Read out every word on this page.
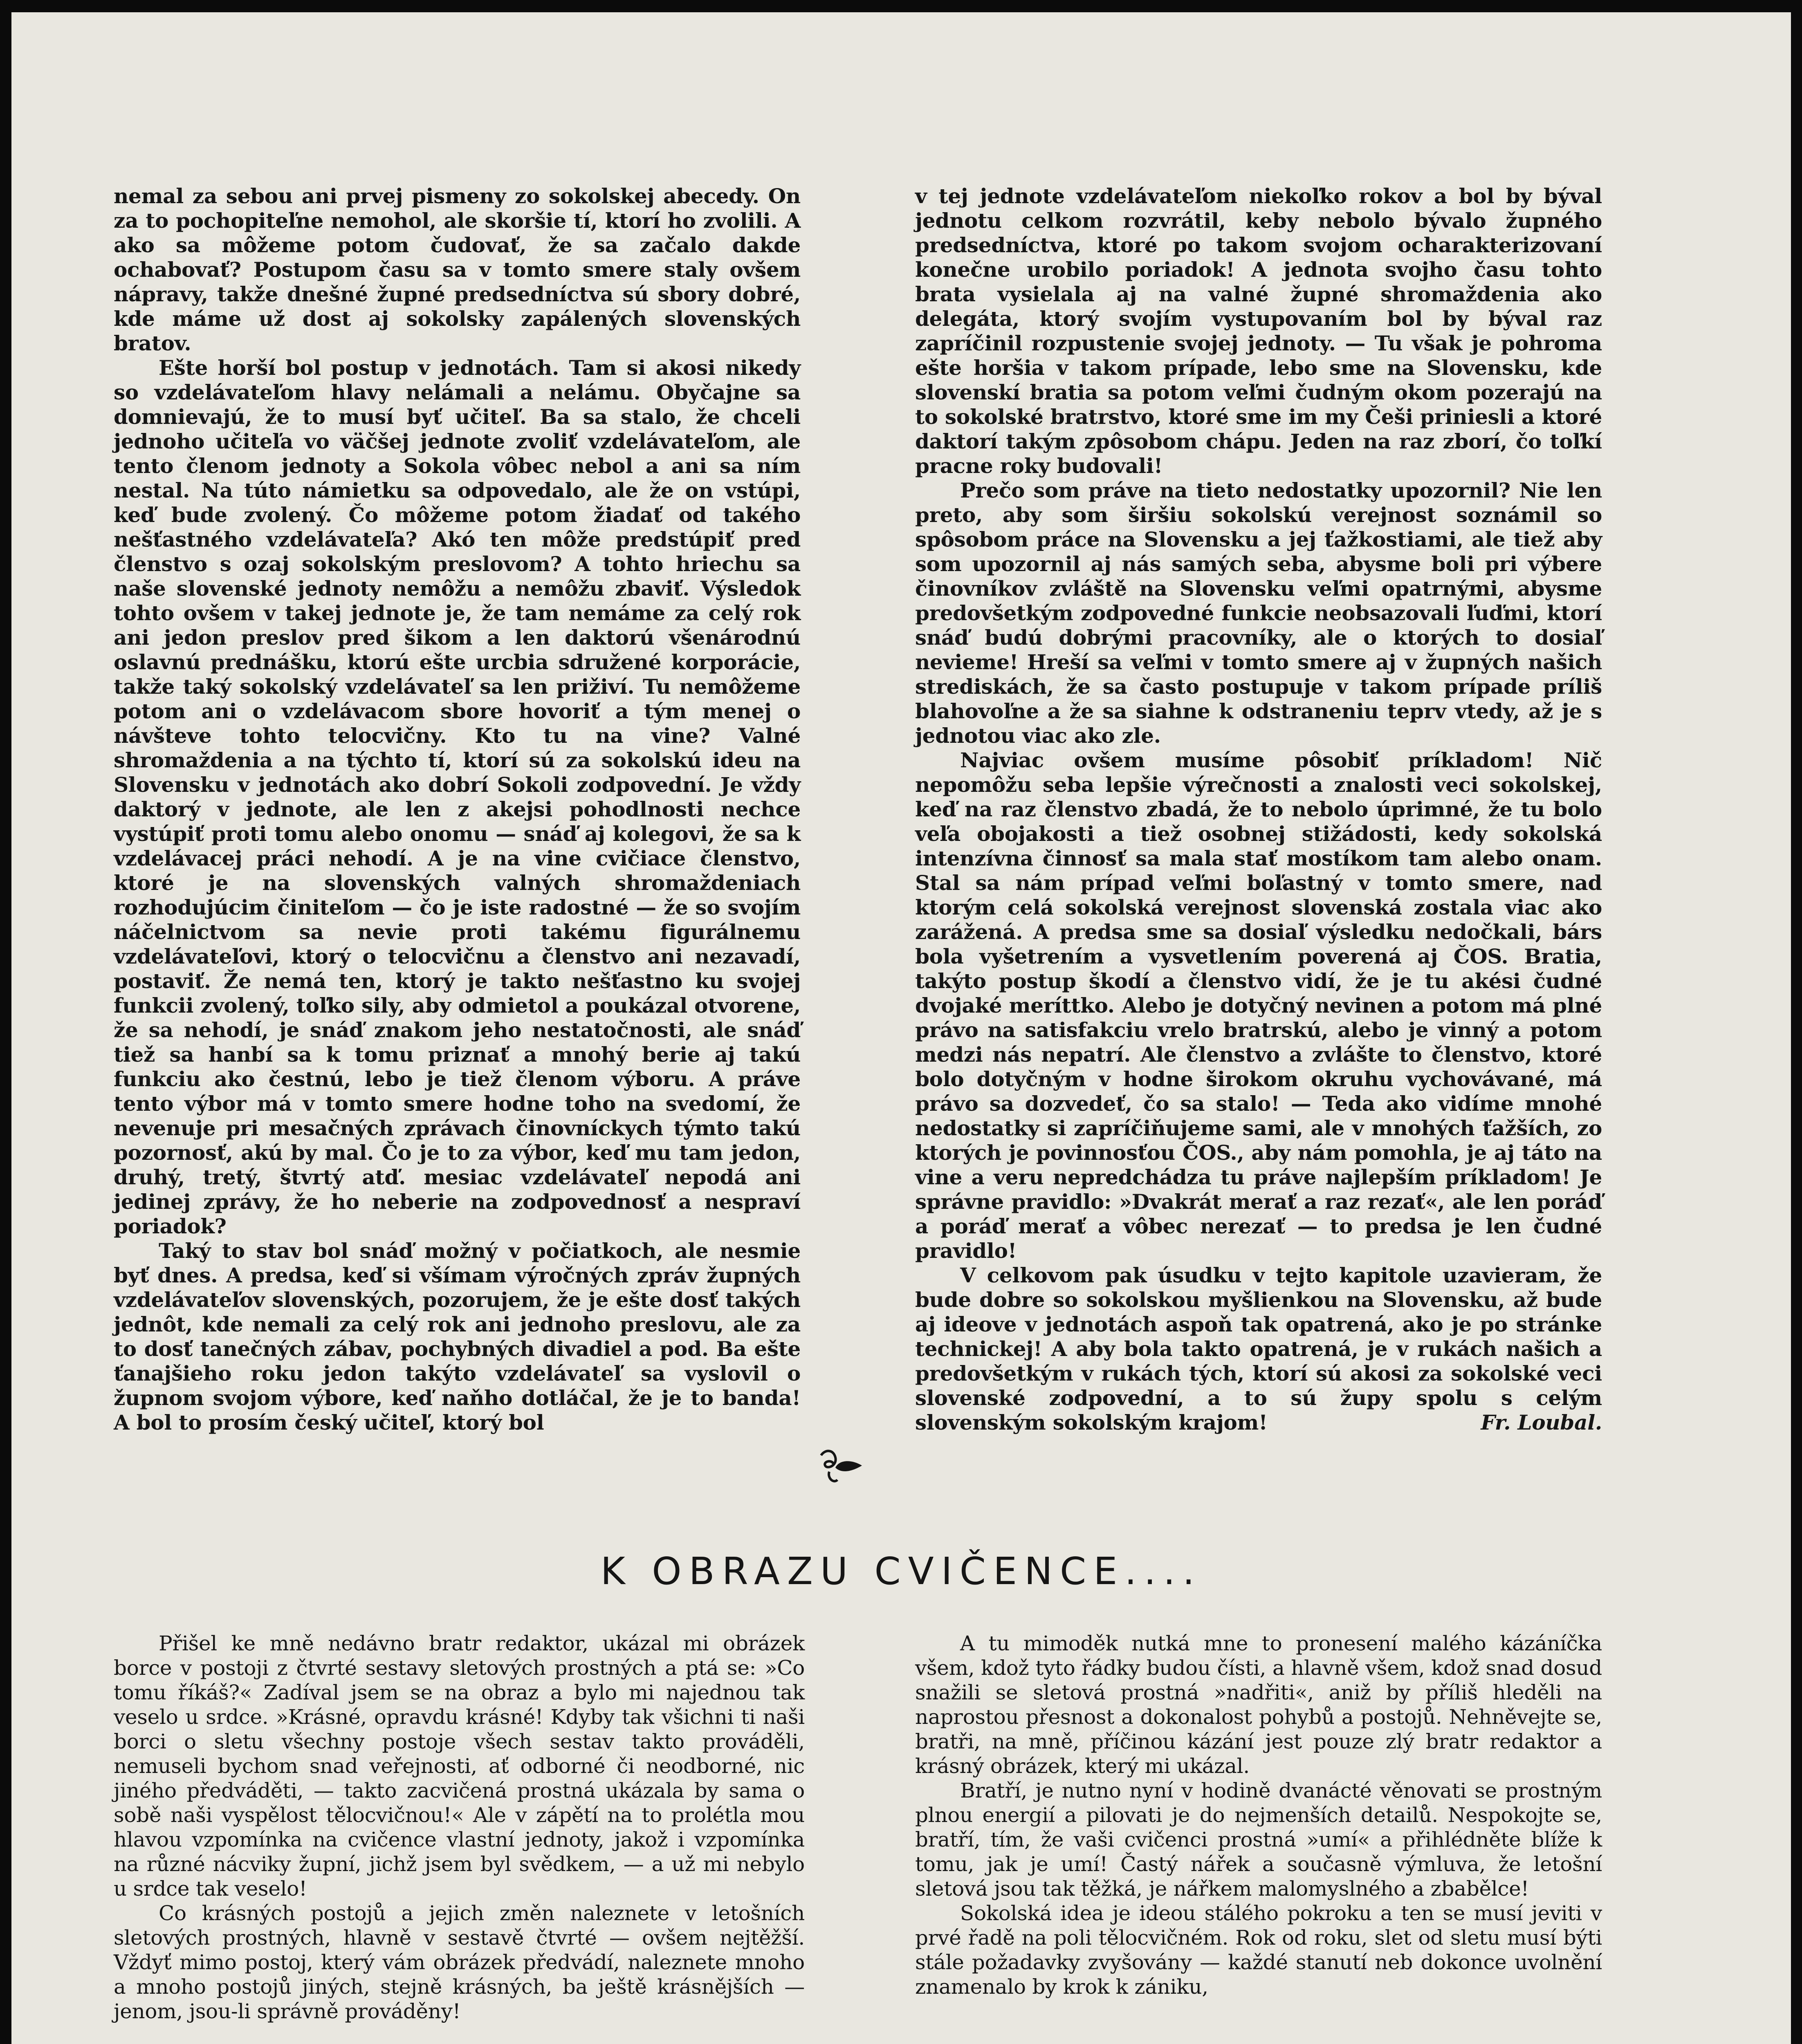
nemal za sebou ani prvej pismeny zo sokolskej abecedy. On za to pochopiteľne nemohol, ale skoršie tí, ktorí ho zvolili. A ako sa môžeme potom čudovať, že sa začalo dakde ochabovať? Postupom času sa v tomto smere staly ovšem nápravy, takže dnešné župné predsedníctva sú sbory dobré, kde máme už dost aj sokolsky zapálených slovenských bratov.

Ešte horší bol postup v jednotách. Tam si akosi nikedy so vzdelávateľom hlavy nelámali a nelámu. Obyčajne sa domnievajú, že to musí byť učiteľ. Ba sa stalo, že chceli jednoho učiteľa vo väčšej jednote zvoliť vzdelávateľom, ale tento členom jednoty a Sokola vôbec nebol a ani sa ním nestal. Na túto námietku sa odpovedalo, ale že on vstúpi, keď bude zvolený. Čo môžeme potom žiadať od takého nešťastného vzdelávateľa? Akó ten môže predstúpiť pred členstvo s ozaj sokolským preslovom? A tohto hriechu sa naše slovenské jednoty nemôžu a nemôžu zbaviť. Výsledok tohto ovšem v takej jednote je, že tam nemáme za celý rok ani jedon preslov pred šikom a len daktorú všenárodnú oslavnú prednášku, ktorú ešte urcbia sdružené korporácie, takže taký sokolský vzdelávateľ sa len priživí. Tu nemôžeme potom ani o vzdelávacom sbore hovoriť a tým menej o návšteve tohto telocvičny. Kto tu na vine? Valné shromaždenia a na týchto tí, ktorí sú za sokolskú ideu na Slovensku v jednotách ako dobrí Sokoli zodpovední. Je vždy daktorý v jednote, ale len z akejsi pohodlnosti nechce vystúpiť proti tomu alebo onomu — snáď aj kolegovi, že sa k vzdelávacej práci nehodí. A je na vine cvičiace členstvo, ktoré je na slovenských valných shromaždeniach rozhodujúcim činiteľom — čo je iste radostné — že so svojím náčelnictvom sa nevie proti takému figurálnemu vzdelávateľovi, ktorý o telocvičnu a členstvo ani nezavadí, postaviť. Že nemá ten, ktorý je takto nešťastno ku svojej funkcii zvolený, toľko sily, aby odmietol a poukázal otvorene, že sa nehodí, je snáď znakom jeho nestatočnosti, ale snáď tiež sa hanbí sa k tomu priznať a mnohý berie aj takú funkciu ako čestnú, lebo je tiež členom výboru. A práve tento výbor má v tomto smere hodne toho na svedomí, že nevenuje pri mesačných zprávach činovníckych týmto takú pozornosť, akú by mal. Čo je to za výbor, keď mu tam jedon, druhý, tretý, štvrtý atď. mesiac vzdelávateľ nepodá ani jedinej zprávy, že ho neberie na zodpovednosť a nespraví poriadok?

Taký to stav bol snáď možný v počiatkoch, ale nesmie byť dnes. A predsa, keď si všímam výročných zpráv župných vzdelávateľov slovenských, pozorujem, že je ešte dosť takých jednôt, kde nemali za celý rok ani jednoho preslovu, ale za to dosť tanečných zábav, pochybných divadiel a pod. Ba ešte ťanajšieho roku jedon takýto vzdelávateľ sa vyslovil o župnom svojom výbore, keď naňho dotláčal, že je to banda! A bol to prosím český učiteľ, ktorý bol

v tej jednote vzdelávateľom niekoľko rokov a bol by býval jednotu celkom rozvrátil, keby nebolo bývalo župného predsedníctva, ktoré po takom svojom ocharakterizovaní konečne urobilo poriadok! A jednota svojho času tohto brata vysielala aj na valné župné shromaždenia ako delegáta, ktorý svojím vystupovaním bol by býval raz zapríčinil rozpustenie svojej jednoty. — Tu však je pohroma ešte horšia v takom prípade, lebo sme na Slovensku, kde slovenskí bratia sa potom veľmi čudným okom pozerajú na to sokolské bratrstvo, ktoré sme im my Češi priniesli a ktoré daktorí takým zpôsobom chápu. Jeden na raz zborí, čo toľkí pracne roky budovali!

Prečo som práve na tieto nedostatky upozornil? Nie len preto, aby som širšiu sokolskú verejnost soznámil so spôsobom práce na Slovensku a jej ťažkostiami, ale tiež aby som upozornil aj nás samých seba, abysme boli pri výbere činovníkov zvláště na Slovensku veľmi opatrnými, abysme predovšetkým zodpovedné funkcie neobsazovali ľuďmi, ktorí snáď budú dobrými pracovníky, ale o ktorých to dosiaľ nevieme! Hreší sa veľmi v tomto smere aj v župných našich strediskách, že sa často postupuje v takom prípade príliš blahovoľne a že sa siahne k odstraneniu teprv vtedy, až je s jednotou viac ako zle.

Najviac ovšem musíme pôsobiť príkladom! Nič nepomôžu seba lepšie výrečnosti a znalosti veci sokolskej, keď na raz členstvo zbadá, že to nebolo úprimné, že tu bolo veľa obojakosti a tiež osobnej stižádosti, kedy sokolská intenzívna činnosť sa mala stať mostíkom tam alebo onam. Stal sa nám prípad veľmi boľastný v tomto smere, nad ktorým celá sokolská verejnost slovenská zostala viac ako zarážená. A predsa sme sa dosiaľ výsledku nedočkali, bárs bola vyšetrením a vysvetlením poverená aj ČOS. Bratia, takýto postup škodí a členstvo vidí, že je tu akési čudné dvojaké meríttko. Alebo je dotyčný nevinen a potom má plné právo na satisfakciu vrelo bratrskú, alebo je vinný a potom medzi nás nepatrí. Ale členstvo a zvlášte to členstvo, ktoré bolo dotyčným v hodne širokom okruhu vychovávané, má právo sa dozvedeť, čo sa stalo! — Teda ako vidíme mnohé nedostatky si zapríčiňujeme sami, ale v mnohých ťažších, zo ktorých je povinnosťou ČOS., aby nám pomohla, je aj táto na vine a veru nepredchádza tu práve najlepším príkladom! Je správne pravidlo: »Dvakrát merať a raz rezať«, ale len poráď a poráď merať a vôbec nerezať — to predsa je len čudné pravidlo!

V celkovom pak úsudku v tejto kapitole uzavieram, že bude dobre so sokolskou myšlienkou na Slovensku, až bude aj ideove v jednotách aspoň tak opatrená, ako je po stránke technickej! A aby bola takto opatrená, je v rukách našich a predovšetkým v rukách tých, ktorí sú akosi za sokolské veci slovenské zodpovední, a to sú župy spolu s celým slovenským sokolským krajom!	Fr. Loubal.

K OBRAZU CVIČENCE....

Přišel ke mně nedávno bratr redaktor, ukázal mi obrázek borce v postoji z čtvrté sestavy sletových prostných a ptá se: »Co tomu říkáš?« Zadíval jsem se na obraz a bylo mi najednou tak veselo u srdce. »Krásné, opravdu krásné! Kdyby tak všichni ti naši borci o sletu všechny postoje všech sestav takto prováděli, nemuseli bychom snad veřejnosti, ať odborné či neodborné, nic jiného předváděti, — takto zacvičená prostná ukázala by sama o sobě naši vyspělost tělocvičnou!« Ale v zápětí na to prolétla mou hlavou vzpomínka na cvičence vlastní jednoty, jakož i vzpomínka na různé nácviky župní, jichž jsem byl svědkem, — a už mi nebylo u srdce tak veselo!

Co krásných postojů a jejich změn naleznete v letošních sletových prostných, hlavně v sestavě čtvrté — ovšem nejtěžší. Vždyť mimo postoj, který vám obrázek předvádí, naleznete mnoho a mnoho postojů jiných, stejně krásných, ba ještě krásnějších — jenom, jsou-li správně prováděny!

A tu mimoděk nutká mne to pronesení malého kázáníčka všem, kdož tyto řádky budou čísti, a hlavně všem, kdož snad dosud snažili se sletová prostná »nadřiti«, aniž by příliš hleděli na naprostou přesnost a dokonalost pohybů a postojů. Nehněvejte se, bratři, na mně, příčinou kázání jest pouze zlý bratr redaktor a krásný obrázek, který mi ukázal.

Bratří, je nutno nyní v hodině dvanácté věnovati se prostným plnou energií a pilovati je do nejmenších detailů. Nespokojte se, bratří, tím, že vaši cvičenci prostná »umí« a přihlédněte blíže k tomu, jak je umí! Častý nářek a současně výmluva, že letošní sletová jsou tak těžká, je nářkem malomyslného a zbabělce!

Sokolská idea je ideou stálého pokroku a ten se musí jeviti v prvé řadě na poli tělocvičném. Rok od roku, slet od sletu musí býti stále požadavky zvyšovány — každé stanutí neb dokonce uvolnění znamenalo by krok k zániku,
